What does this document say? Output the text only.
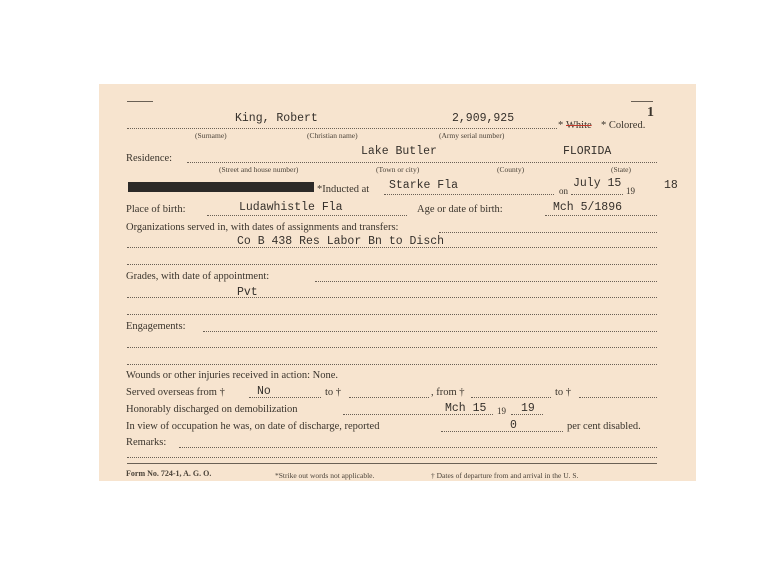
1
King, Robert	2,909,925
* White * Colored.
(Surname)	(Christian name)	(Army serial number)
Residence:
Lake Butler	FLORIDA
(Street and house number)	(Town or city)	(County)	(State)
*Inducted at Starke Fla	on
July 15
19	18
Place of birth:	Ludawhistle Fla	Age or date of birth:	Mch 5/1896
Organizations served in, with dates of assignments and transfers:
Co B 438 Res Labor Bn to Disch
Grades, with date of appointment:
Pvt
Engagements:
Wounds or other injuries received in action: None.
Served overseas from †	No	to †	, from †	to †
Honorably discharged on demobilization	Mch 15 19 19
In view of occupation he was, on date of discharge, reported	0	per cent disabled.
Remarks:
Form No. 724-1, A. G. O.	*Strike out words not applicable.	† Dates of departure from and arrival in the U. S.
